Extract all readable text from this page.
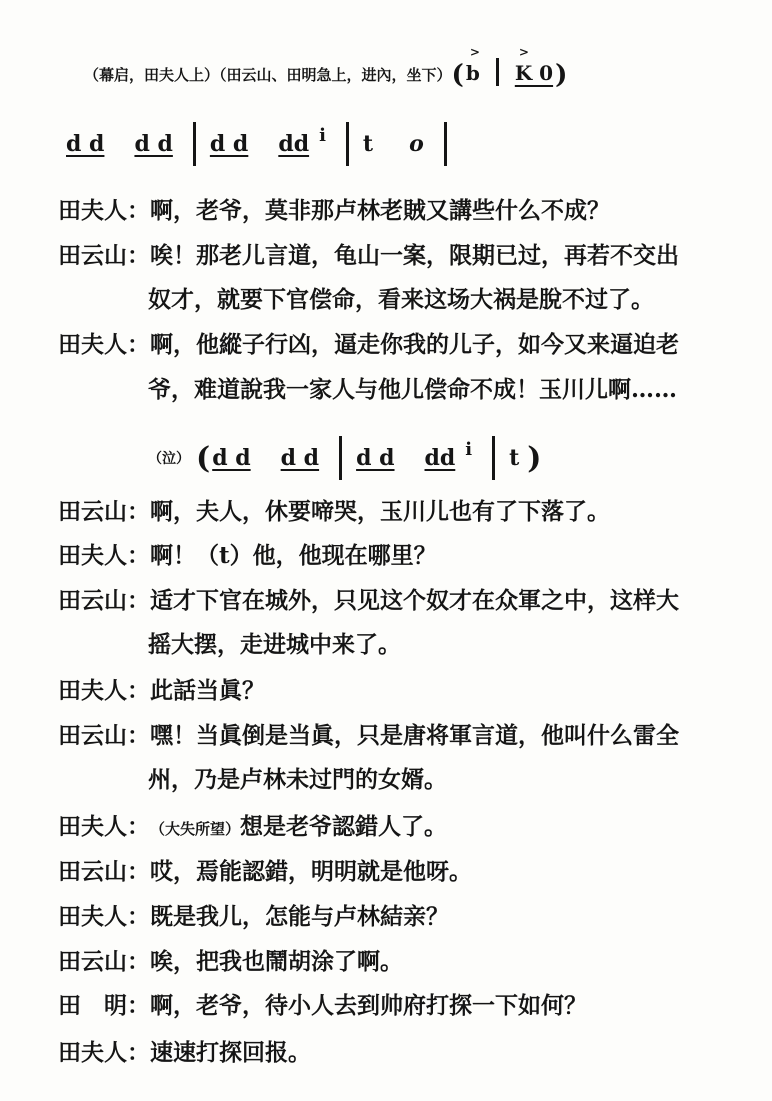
（幕启，田夫人上）（田云山、田明急上，进內，坐下）(
>
b
>
K 0)
d d d d d d dd i t o
田夫人：啊，老爷，莫非那卢林老賊又講些什么不成？
田云山：唉！那老儿言道，龟山一案，限期已过，再若不交出
奴才，就要下官偿命，看来这场大祸是脫不过了。
田夫人：啊，他縱子行凶，逼走你我的儿子，如今又来逼迫老
爷，难道說我一家人与他儿偿命不成！玉川儿啊……
（泣） ( d d d d d d dd i t )
田云山：啊，夫人，休要啼哭，玉川儿也有了下落了。
田夫人：啊！（t）他，他现在哪里？
田云山：适才下官在城外，只见这个奴才在众軍之中，这样大
摇大摆，走进城中来了。
田夫人：此話当眞？
田云山：嘿！当眞倒是当眞，只是唐将軍言道，他叫什么雷全
州，乃是卢林未过門的女婿。
田夫人：（大失所望）想是老爷認錯人了。
田云山：哎，焉能認錯，明明就是他呀。
田夫人：既是我儿，怎能与卢林結亲？
田云山：唉，把我也鬧胡涂了啊。
田　明：啊，老爷，待小人去到帅府打探一下如何？
田夫人：速速打探回报。
